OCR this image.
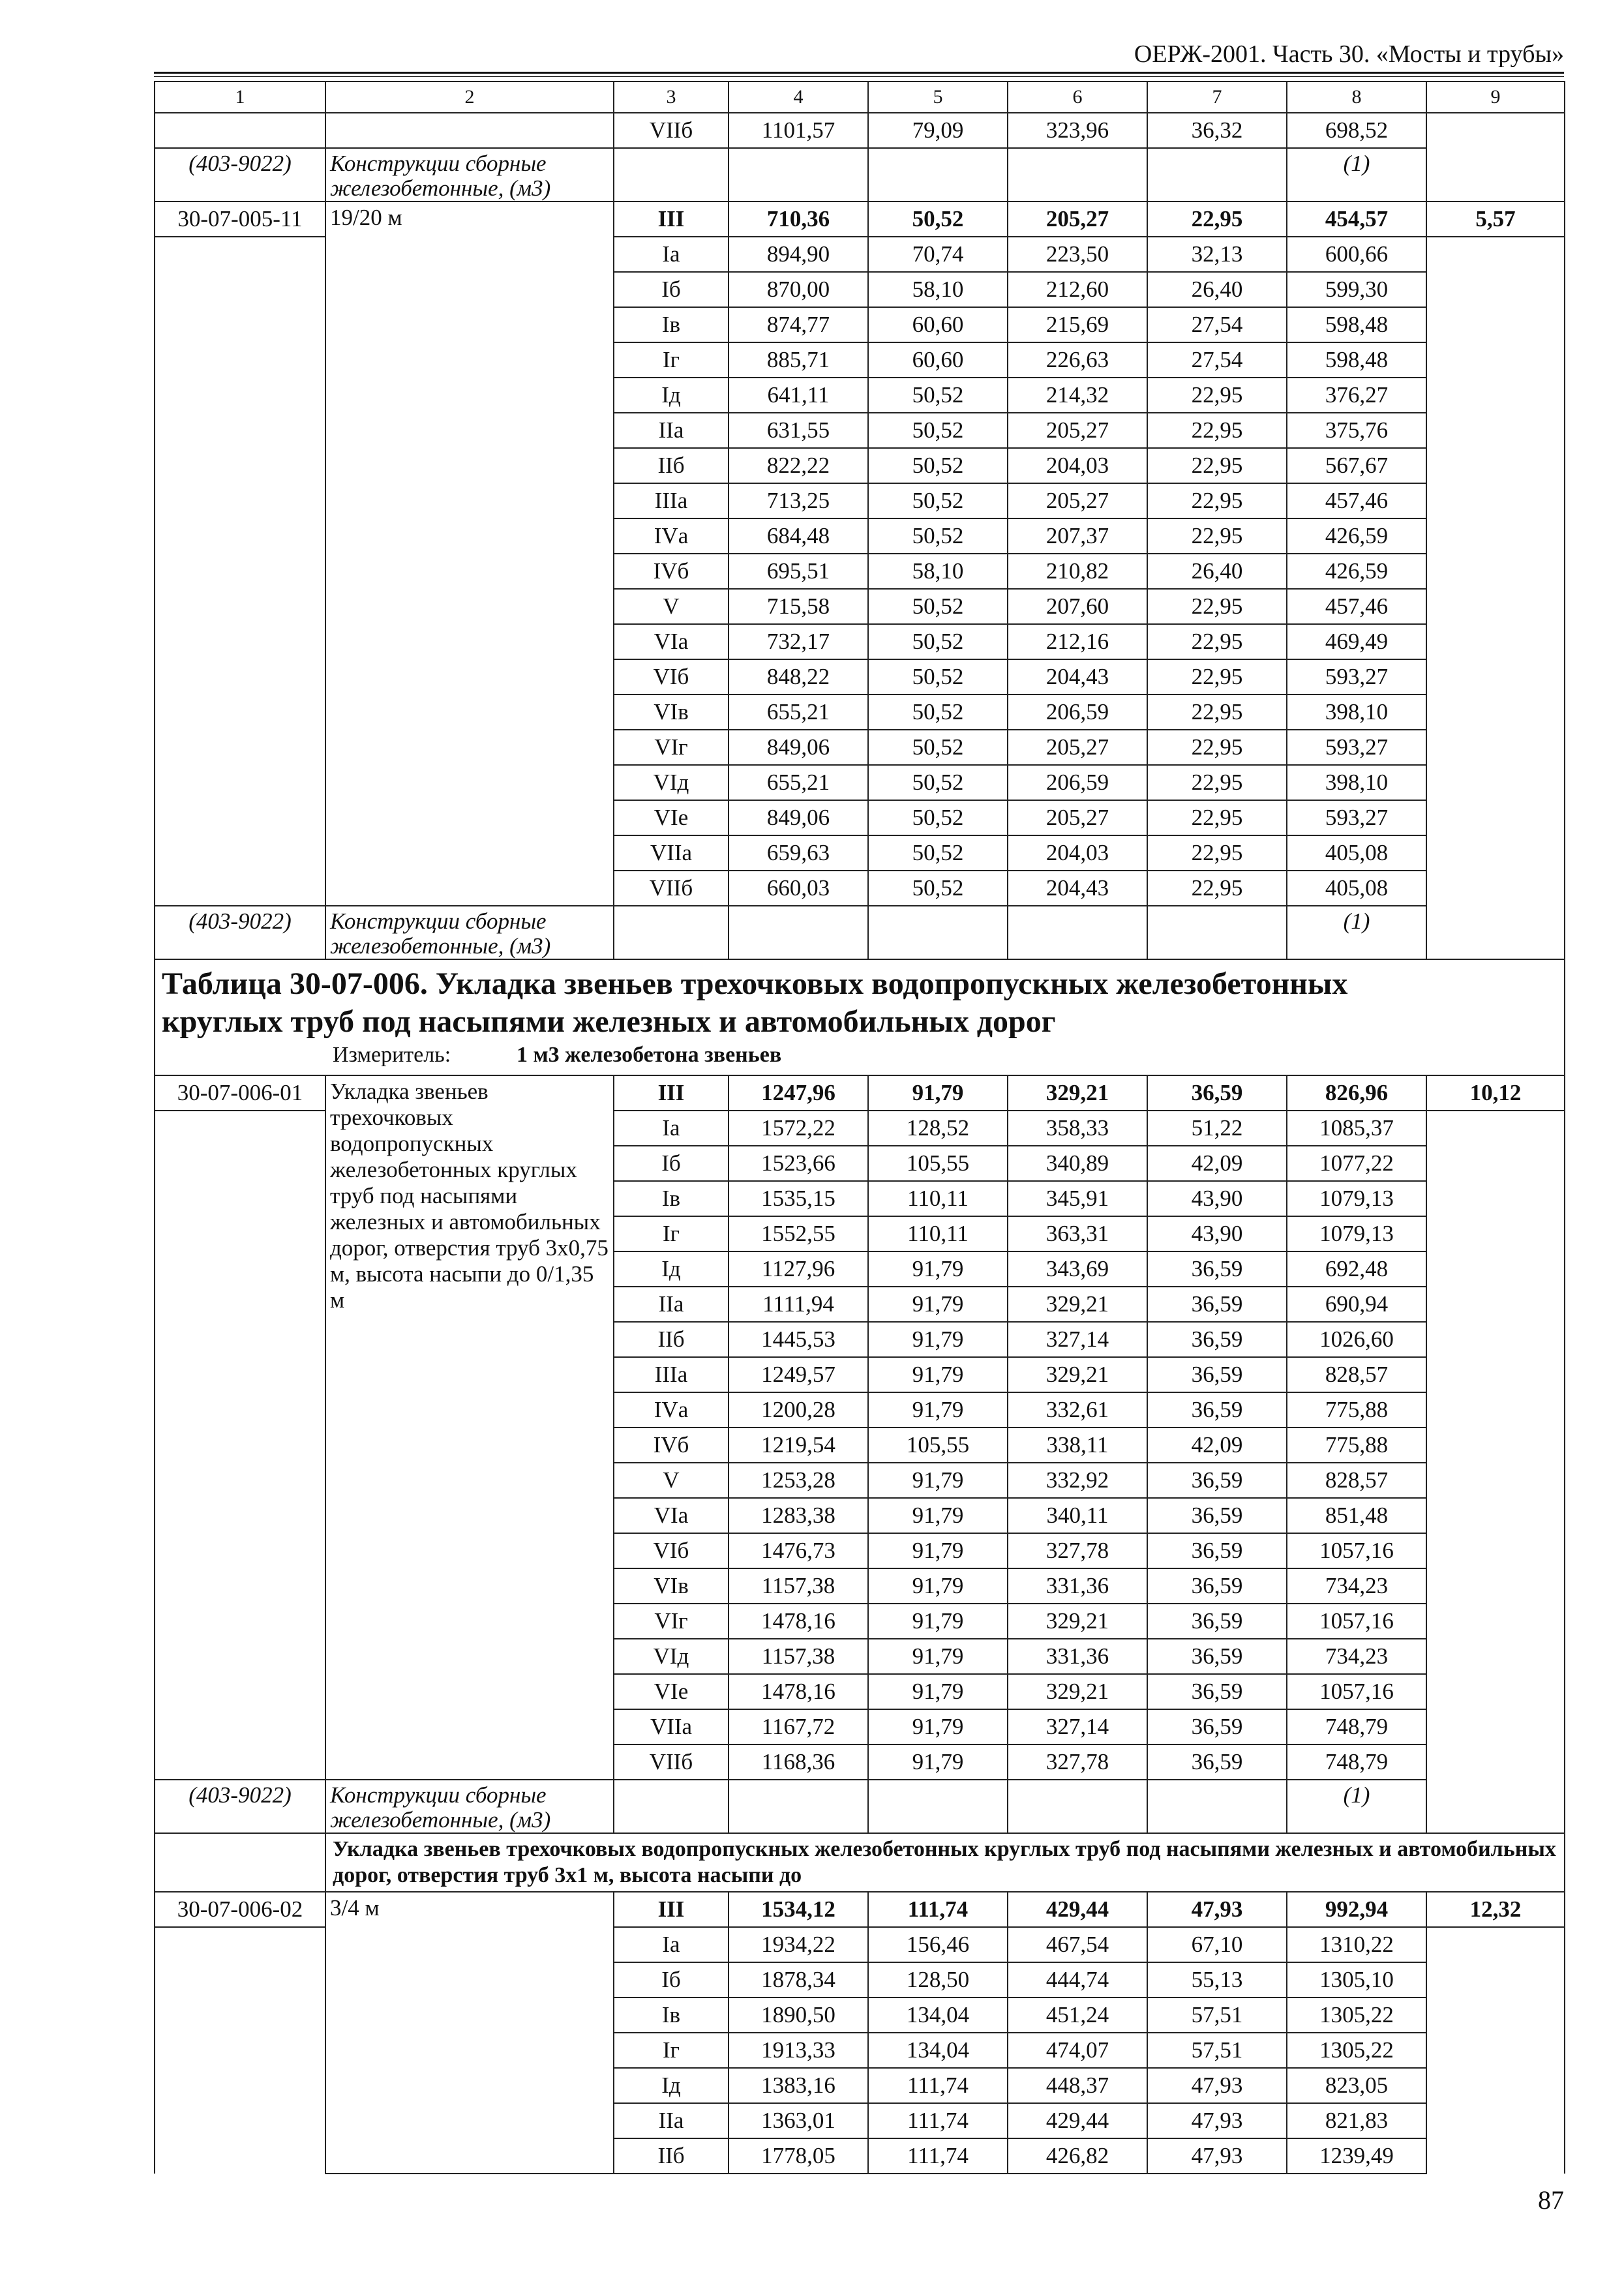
ОЕРЖ-2001. Часть 30. «Мосты и трубы»
1	2	3	4	5	6	7	8	9
		VIIб	1101,57	79,09	323,96	36,32	698,52	
(403-9022)	Конструкции сборные железобетонные, (м3)						(1)	
30-07-005-11	19/20 м	III	710,36	50,52	205,27	22,95	454,57	5,57
		Iа	894,90	70,74	223,50	32,13	600,66	
		Iб	870,00	58,10	212,60	26,40	599,30	
		Iв	874,77	60,60	215,69	27,54	598,48	
		Iг	885,71	60,60	226,63	27,54	598,48	
		Iд	641,11	50,52	214,32	22,95	376,27	
		IIа	631,55	50,52	205,27	22,95	375,76	
		IIб	822,22	50,52	204,03	22,95	567,67	
		IIIа	713,25	50,52	205,27	22,95	457,46	
		IVа	684,48	50,52	207,37	22,95	426,59	
		IVб	695,51	58,10	210,82	26,40	426,59	
		V	715,58	50,52	207,60	22,95	457,46	
		VIа	732,17	50,52	212,16	22,95	469,49	
		VIб	848,22	50,52	204,43	22,95	593,27	
		VIв	655,21	50,52	206,59	22,95	398,10	
		VIг	849,06	50,52	205,27	22,95	593,27	
		VIд	655,21	50,52	206,59	22,95	398,10	
		VIе	849,06	50,52	205,27	22,95	593,27	
		VIIа	659,63	50,52	204,03	22,95	405,08	
		VIIб	660,03	50,52	204,43	22,95	405,08	
(403-9022)	Конструкции сборные железобетонные, (м3)						(1)	

Таблица 30-07-006. Укладка звеньев трехочковых водопропускных железобетонных
круглых труб под насыпями железных и автомобильных дорог
Измеритель: 1 м3 железобетона звеньев								

30-07-006-01	Укладка звеньев трехочковых водопропускных железобетонных круглых труб под насыпями железных и автомобильных дорог, отверстия труб 3х0,75 м, высота насыпи до 0/1,35 м	III	1247,96	91,79	329,21	36,59	826,96	10,12
		Iа	1572,22	128,52	358,33	51,22	1085,37	
		Iб	1523,66	105,55	340,89	42,09	1077,22	
		Iв	1535,15	110,11	345,91	43,90	1079,13	
		Iг	1552,55	110,11	363,31	43,90	1079,13	
		Iд	1127,96	91,79	343,69	36,59	692,48	
		IIа	1111,94	91,79	329,21	36,59	690,94	
		IIб	1445,53	91,79	327,14	36,59	1026,60	
		IIIа	1249,57	91,79	329,21	36,59	828,57	
		IVа	1200,28	91,79	332,61	36,59	775,88	
		IVб	1219,54	105,55	338,11	42,09	775,88	
		V	1253,28	91,79	332,92	36,59	828,57	
		VIа	1283,38	91,79	340,11	36,59	851,48	
		VIб	1476,73	91,79	327,78	36,59	1057,16	
		VIв	1157,38	91,79	331,36	36,59	734,23	
		VIг	1478,16	91,79	329,21	36,59	1057,16	
		VIд	1157,38	91,79	331,36	36,59	734,23	
		VIе	1478,16	91,79	329,21	36,59	1057,16	
		VIIа	1167,72	91,79	327,14	36,59	748,79	
		VIIб	1168,36	91,79	327,78	36,59	748,79	
(403-9022)	Конструкции сборные железобетонные, (м3)						(1)	
	Укладка звеньев трехочковых водопропускных железобетонных круглых труб под насыпями железных и автомобильных дорог, отверстия труб 3х1 м, высота насыпи до							
30-07-006-02	3/4 м	III	1534,12	111,74	429,44	47,93	992,94	12,32
		Iа	1934,22	156,46	467,54	67,10	1310,22	
		Iб	1878,34	128,50	444,74	55,13	1305,10	
		Iв	1890,50	134,04	451,24	57,51	1305,22	
		Iг	1913,33	134,04	474,07	57,51	1305,22	
		Iд	1383,16	111,74	448,37	47,93	823,05	
		IIа	1363,01	111,74	429,44	47,93	821,83	
		IIб	1778,05	111,74	426,82	47,93	1239,49	
87
